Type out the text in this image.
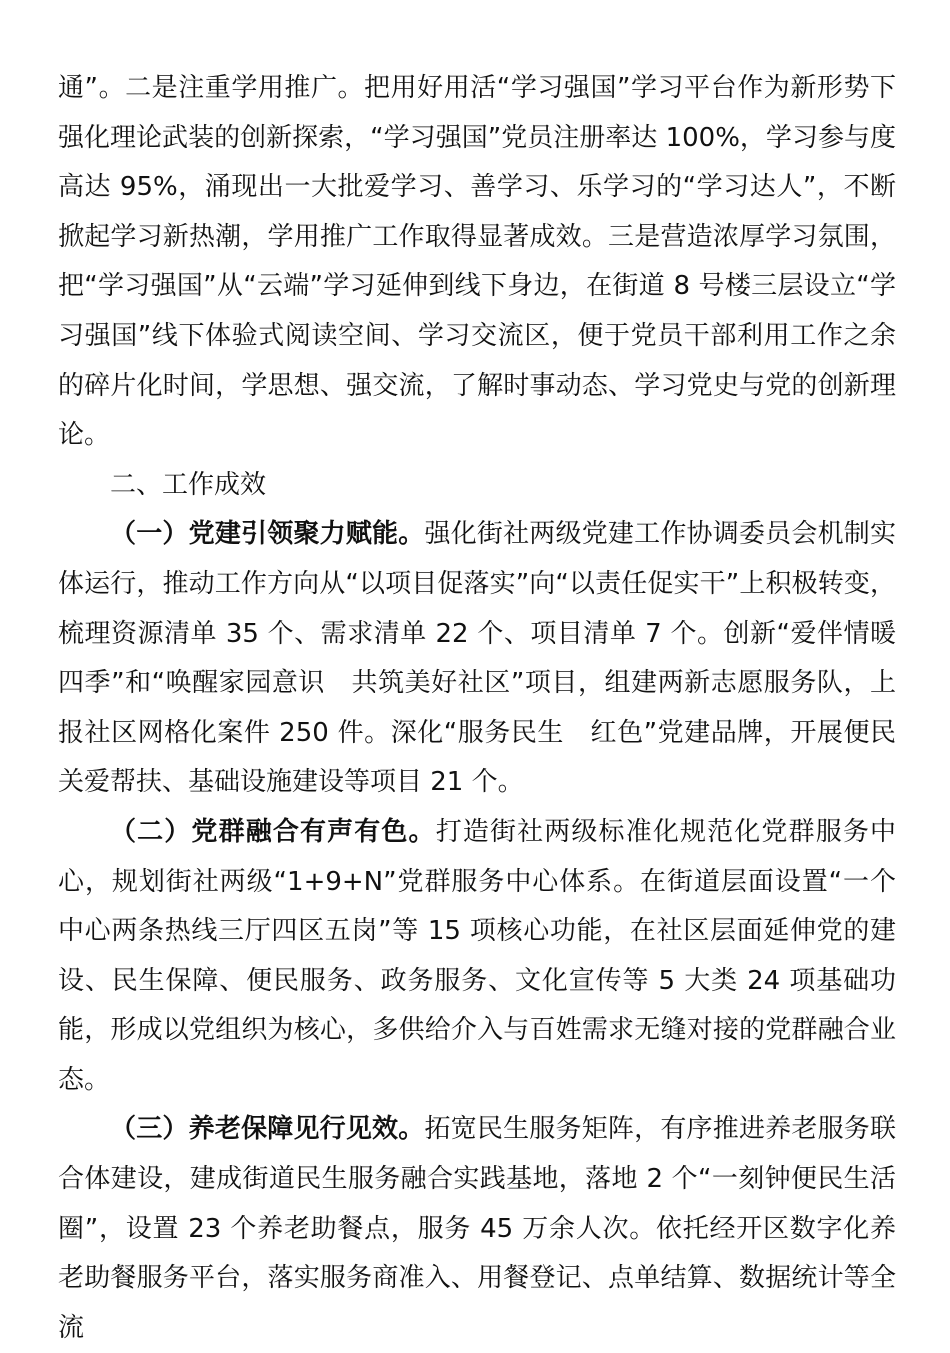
通”。二是注重学用推广。把用好用活“学习强国”学习平台作为新形势下强化理论武装的创新探索，“学习强国”党员注册率达 100%，学习参与度高达 95%，涌现出一大批爱学习、善学习、乐学习的“学习达人”，不断掀起学习新热潮，学用推广工作取得显著成效。三是营造浓厚学习氛围，把“学习强国”从“云端”学习延伸到线下身边，在街道 8 号楼三层设立“学习强国”线下体验式阅读空间、学习交流区，便于党员干部利用工作之余的碎片化时间，学思想、强交流，了解时事动态、学习党史与党的创新理论。

二、工作成效

（一）党建引领聚力赋能。强化街社两级党建工作协调委员会机制实体运行，推动工作方向从“以项目促落实”向“以责任促实干”上积极转变，梳理资源清单 35 个、需求清单 22 个、项目清单 7 个。创新“爱伴情暖四季”和“唤醒家园意识　共筑美好社区”项目，组建两新志愿服务队，上报社区网格化案件 250 件。深化“服务民生　红色”党建品牌，开展便民关爱帮扶、基础设施建设等项目 21 个。

（二）党群融合有声有色。打造街社两级标准化规范化党群服务中心，规划街社两级“1+9+N”党群服务中心体系。在街道层面设置“一个中心两条热线三厅四区五岗”等 15 项核心功能，在社区层面延伸党的建设、民生保障、便民服务、政务服务、文化宣传等 5 大类 24 项基础功能，形成以党组织为核心，多供给介入与百姓需求无缝对接的党群融合业态。

（三）养老保障见行见效。拓宽民生服务矩阵，有序推进养老服务联合体建设，建成街道民生服务融合实践基地，落地 2 个“一刻钟便民生活圈”，设置 23 个养老助餐点，服务 45 万余人次。依托经开区数字化养老助餐服务平台，落实服务商准入、用餐登记、点单结算、数据统计等全流
